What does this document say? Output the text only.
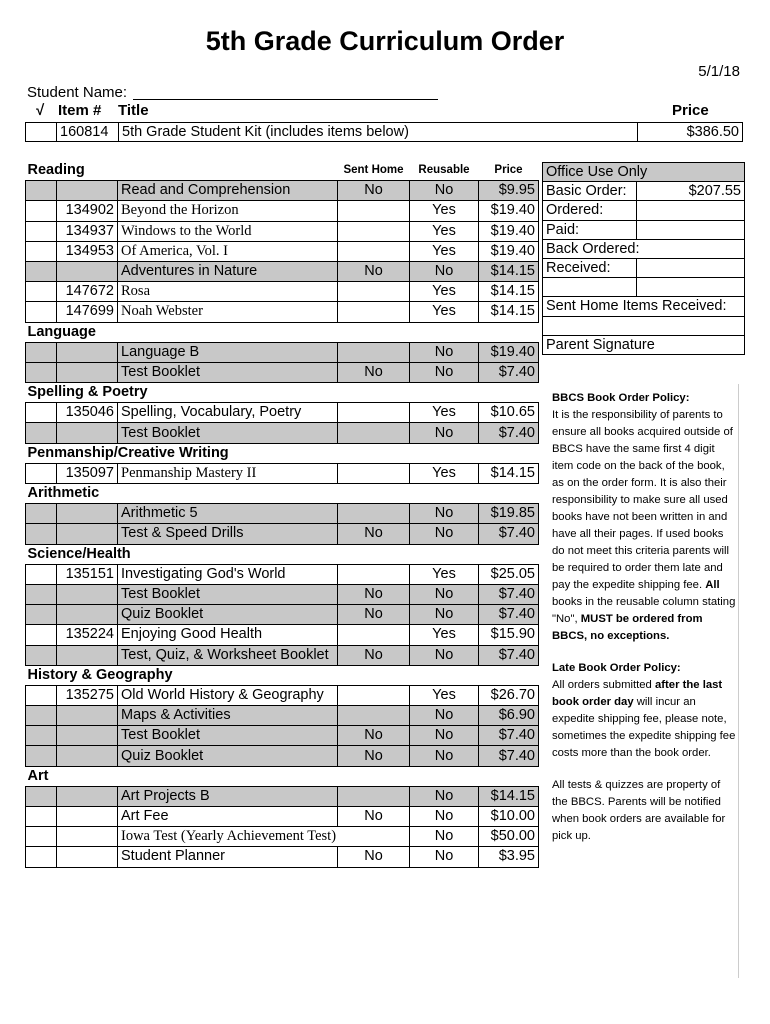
5th Grade Curriculum Order
5/1/18
Student Name:
√ Item # Title	Price
	160814	5th Grade Student Kit (includes items below)	$386.50
Reading			Sent Home	Reusable	Price
		Read and Comprehension	No	No	$9.95
	134902	Beyond the Horizon		Yes	$19.40
	134937	Windows to the World		Yes	$19.40
	134953	Of America, Vol. I		Yes	$19.40
		Adventures in Nature	No	No	$14.15
	147672	Rosa		Yes	$14.15
	147699	Noah Webster		Yes	$14.15
Language					
		Language B		No	$19.40
		Test Booklet	No	No	$7.40
Spelling & Poetry					
	135046	Spelling, Vocabulary, Poetry		Yes	$10.65
		Test Booklet		No	$7.40
Penmanship/Creative Writing					
	135097	Penmanship Mastery II		Yes	$14.15
Arithmetic					
		Arithmetic 5		No	$19.85
		Test & Speed Drills	No	No	$7.40
Science/Health					
	135151	Investigating God's World		Yes	$25.05
		Test Booklet	No	No	$7.40
		Quiz Booklet	No	No	$7.40
	135224	Enjoying Good Health		Yes	$15.90
		Test, Quiz, & Worksheet Booklet	No	No	$7.40
History & Geography					
	135275	Old World History & Geography		Yes	$26.70
		Maps & Activities		No	$6.90
		Test Booklet	No	No	$7.40
		Quiz Booklet	No	No	$7.40
Art					
		Art Projects B		No	$14.15
		Art Fee	No	No	$10.00
		Iowa Test (Yearly Achievement Test)		No	$50.00
		Student Planner	No	No	$3.95
Office Use Only	
Basic Order:	$207.55
Ordered:	
Paid:	
Back Ordered:	
Received:	

Sent Home Items Received:	

Parent Signature	

BBCS Book Order Policy:
It is the responsibility of parents to ensure all books acquired outside of BBCS have the same first 4 digit item code on the back of the book, as on the order form. It is also their responsibility to make sure all used books have not been written in and have all their pages. If used books do not meet this criteria parents will be required to order them late and pay the expedite shipping fee. All books in the reusable column stating "No", MUST be ordered from BBCS, no exceptions.

Late Book Order Policy:
All orders submitted after the last book order day will incur an expedite shipping fee, please note, sometimes the expedite shipping fee costs more than the book order.

All tests & quizzes are property of the BBCS. Parents will be notified when book orders are available for pick up.
